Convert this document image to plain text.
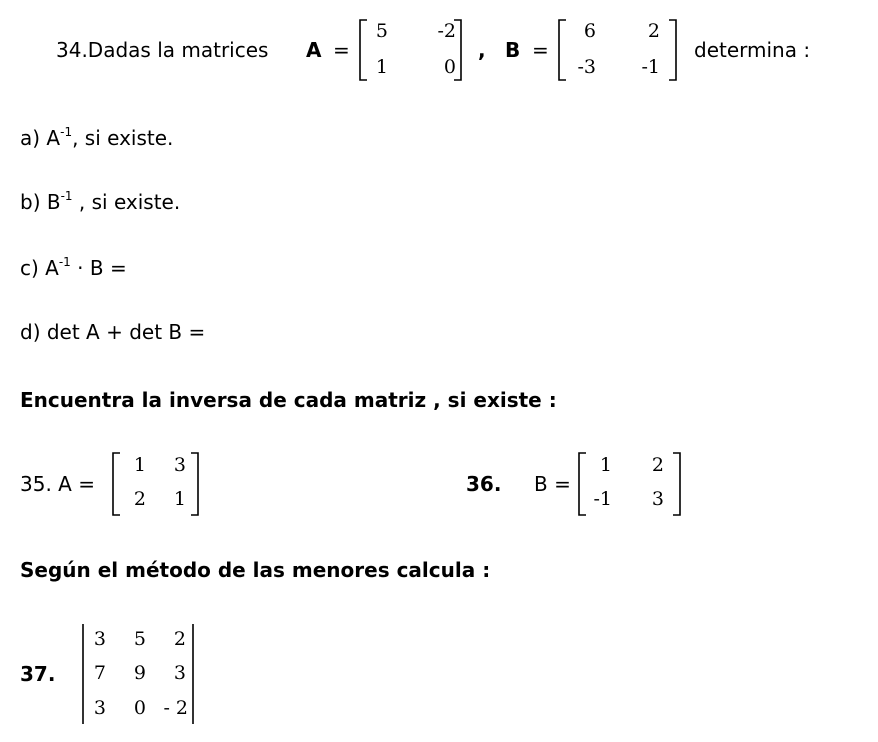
34.Dadas la matrices A =
5	-2
1	0
, B =
6	2
-3	-1
determina :
a) $A^{-1}$, si existe.
b) $B^{-1}$ , si existe.
c) $A^{-1} \cdot B$ =
d) det A + det B =
Encuentra la inversa de cada matriz , si existe :
35. A =
1	3
2	1
36. B =
1	2
-1	3
Según el método de las menores calcula :
37.
3	5	2
7	9	3
3	0 - 2
